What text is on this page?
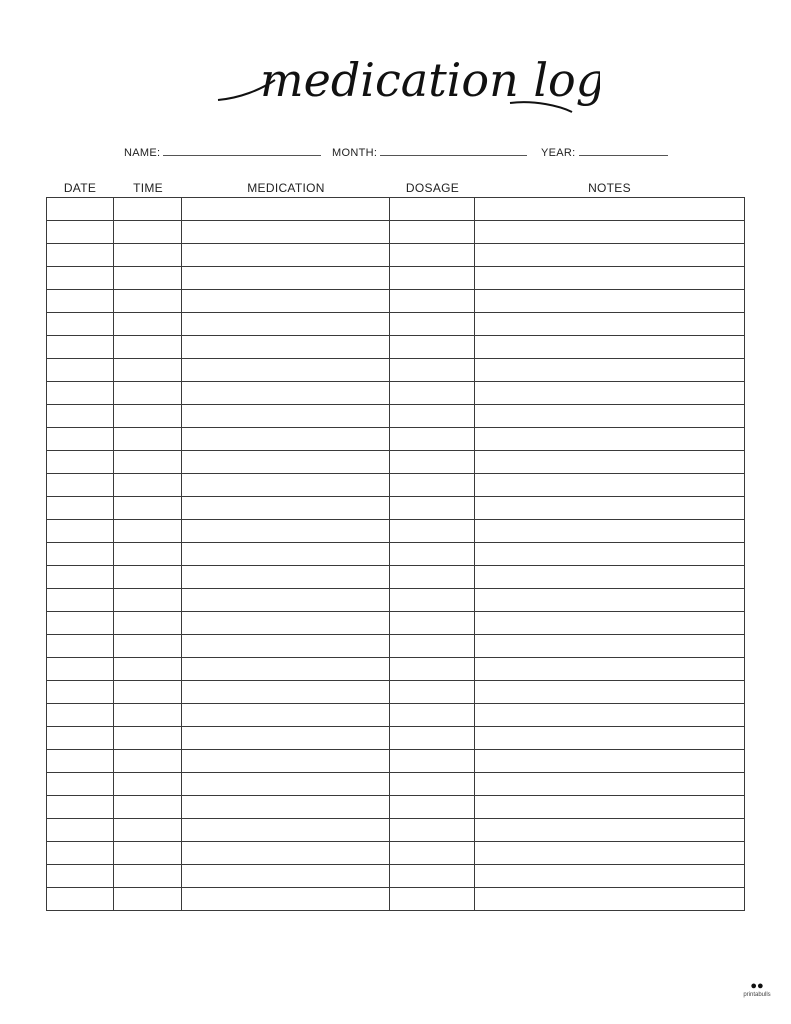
medication log
NAME:	MONTH:	YEAR:
DATE	TIME	MEDICATION	DOSAGE	NOTES

●●
printabulls
